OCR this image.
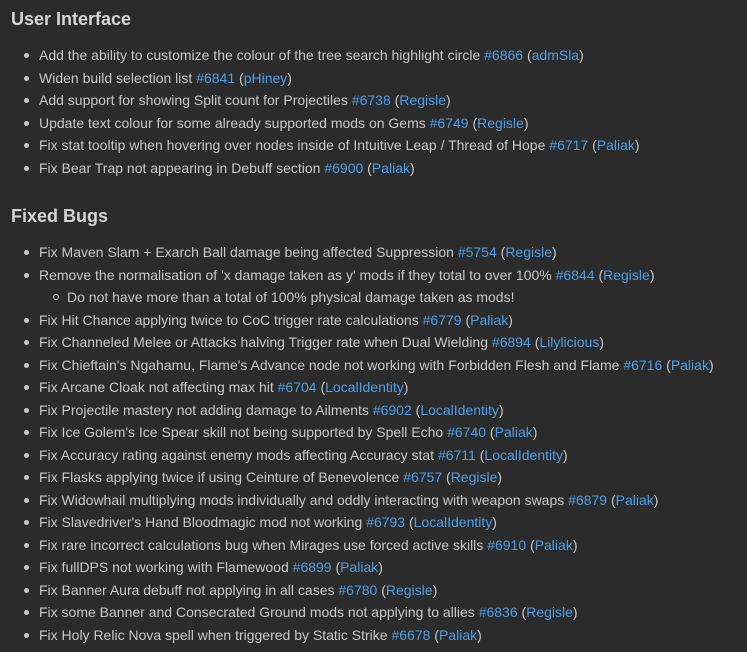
User Interface
Add the ability to customize the colour of the tree search highlight circle #6866 (admSla)
Widen build selection list #6841 (pHiney)
Add support for showing Split count for Projectiles #6738 (Regisle)
Update text colour for some already supported mods on Gems #6749 (Regisle)
Fix stat tooltip when hovering over nodes inside of Intuitive Leap / Thread of Hope #6717 (Paliak)
Fix Bear Trap not appearing in Debuff section #6900 (Paliak)
Fixed Bugs
Fix Maven Slam + Exarch Ball damage being affected Suppression #5754 (Regisle)
Remove the normalisation of 'x damage taken as y' mods if they total to over 100% #6844 (Regisle)
Do not have more than a total of 100% physical damage taken as mods!
Fix Hit Chance applying twice to CoC trigger rate calculations #6779 (Paliak)
Fix Channeled Melee or Attacks halving Trigger rate when Dual Wielding #6894 (Lilylicious)
Fix Chieftain's Ngahamu, Flame's Advance node not working with Forbidden Flesh and Flame #6716 (Paliak)
Fix Arcane Cloak not affecting max hit #6704 (LocalIdentity)
Fix Projectile mastery not adding damage to Ailments #6902 (LocalIdentity)
Fix Ice Golem's Ice Spear skill not being supported by Spell Echo #6740 (Paliak)
Fix Accuracy rating against enemy mods affecting Accuracy stat #6711 (LocalIdentity)
Fix Flasks applying twice if using Ceinture of Benevolence #6757 (Regisle)
Fix Widowhail multiplying mods individually and oddly interacting with weapon swaps #6879 (Paliak)
Fix Slavedriver's Hand Bloodmagic mod not working #6793 (LocalIdentity)
Fix rare incorrect calculations bug when Mirages use forced active skills #6910 (Paliak)
Fix fullDPS not working with Flamewood #6899 (Paliak)
Fix Banner Aura debuff not applying in all cases #6780 (Regisle)
Fix some Banner and Consecrated Ground mods not applying to allies #6836 (Regisle)
Fix Holy Relic Nova spell when triggered by Static Strike #6678 (Paliak)
